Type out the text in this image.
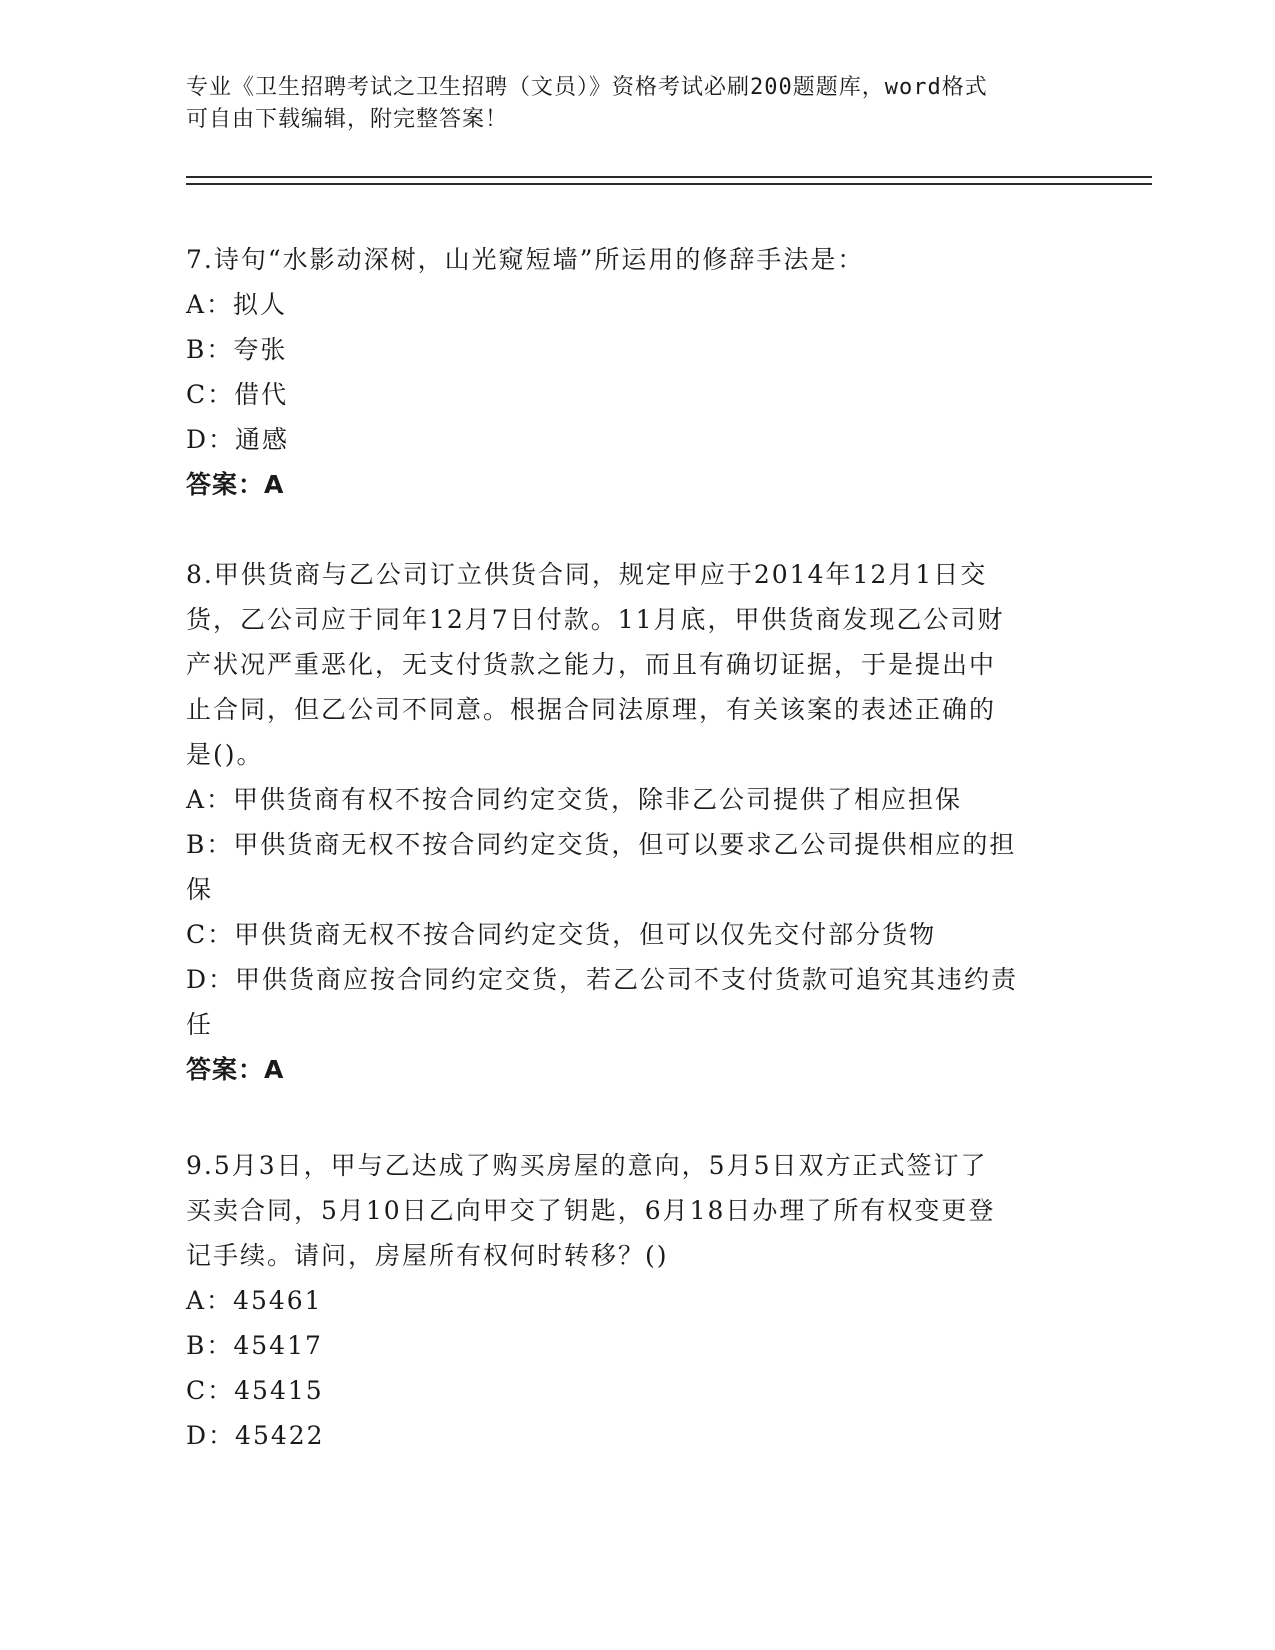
专业《卫生招聘考试之卫生招聘（文员）》资格考试必刷200题题库，word格式
可自由下载编辑，附完整答案！
7.诗句“水影动深树，山光窥短墙”所运用的修辞手法是：
A：拟人
B：夸张
C：借代
D：通感
答案：A
8.甲供货商与乙公司订立供货合同，规定甲应于2014年12月1日交
货，乙公司应于同年12月7日付款。11月底，甲供货商发现乙公司财
产状况严重恶化，无支付货款之能力，而且有确切证据，于是提出中
止合同，但乙公司不同意。根据合同法原理，有关该案的表述正确的
是()。
A：甲供货商有权不按合同约定交货，除非乙公司提供了相应担保
B：甲供货商无权不按合同约定交货，但可以要求乙公司提供相应的担
保
C：甲供货商无权不按合同约定交货，但可以仅先交付部分货物
D：甲供货商应按合同约定交货，若乙公司不支付货款可追究其违约责
任
答案：A
9.5月3日，甲与乙达成了购买房屋的意向，5月5日双方正式签订了
买卖合同，5月10日乙向甲交了钥匙，6月18日办理了所有权变更登
记手续。请问，房屋所有权何时转移？()
A：45461
B：45417
C：45415
D：45422
